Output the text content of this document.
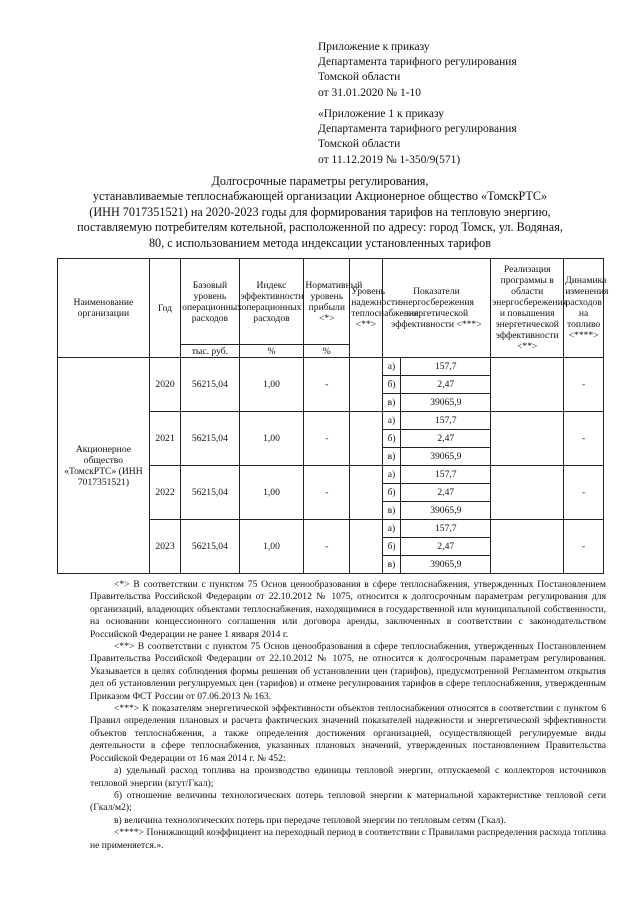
Приложение к приказу
Департамента тарифного регулирования
Томской области
от 31.01.2020 № 1-10
«Приложение 1 к приказу
Департамента тарифного регулирования
Томской области
от 11.12.2019 № 1-350/9(571)
Долгосрочные параметры регулирования,
устанавливаемые теплоснабжающей организации Акционерное общество «ТомскРТС»
(ИНН 7017351521) на 2020-2023 годы для формирования тарифов на тепловую энергию,
поставляемую потребителям котельной, расположенной по адресу: город Томск, ул. Водяная,
80, с использованием метода индексации установленных тарифов
Наименование организации	Год	Базовый уровень операционных расходов	Индекс эффективности операционных расходов	Нормативный уровень прибыли <*>	Уровень надежности теплоснабжения <**>	Показатели энергосбережения энергетической эффективности <***>		Реализация программы в области энергосбережения и повышения энергетической эффективности <**>	Динамика изменения расходов на топливо <****>
		тыс. руб.	%	%					
Акционерное общество «ТомскРТС» (ИНН 7017351521)	2020	56215,04	1,00	-		а)	157,7		-
						б)	2,47		
						в)	39065,9		
	2021	56215,04	1,00	-		а)	157,7		-
						б)	2,47		
						в)	39065,9		
	2022	56215,04	1,00	-		а)	157,7		-
						б)	2,47		
						в)	39065,9		
	2023	56215,04	1,00	-		а)	157,7		-
						б)	2,47		
						в)	39065,9		

<*> В соответствии с пунктом 75 Основ ценообразования в сфере теплоснабжения, утвержденных Постановлением Правительства Российской Федерации от 22.10.2012 № 1075, относится к долгосрочным параметрам регулирования для организаций, владеющих объектами теплоснабжения, находящимися в государственной или муниципальной собственности, на основании концессионного соглашения или договора аренды, заключенных в соответствии с законодательством Российской Федерации не ранее 1 января 2014 г.

<**> В соответствии с пунктом 75 Основ ценообразования в сфере теплоснабжения, утвержденных Постановлением Правительства Российской Федерации от 22.10.2012 № 1075, не относится к долгосрочным параметрам регулирования. Указывается в целях соблюдения формы решения об установлении цен (тарифов), предусмотренной Регламентом открытия дел об установлении регулируемых цен (тарифов) и отмене регулирования тарифов в сфере теплоснабжения, утвержденным Приказом ФСТ России от 07.06.2013 № 163.

<***> К показателям энергетической эффективности объектов теплоснабжения относятся в соответствии с пунктом 6 Правил определения плановых и расчета фактических значений показателей надежности и энергетической эффективности объектов теплоснабжения, а также определения достижения организацией, осуществляющей регулируемые виды деятельности в сфере теплоснабжения, указанных плановых значений, утвержденных постановлением Правительства Российской Федерации от 16 мая 2014 г. № 452:

а) удельный расход топлива на производство единицы тепловой энергии, отпускаемой с коллекторов источников тепловой энергии (кгут/Гкал);

б) отношение величины технологических потерь тепловой энергии к материальной характеристике тепловой сети (Гкал/м2);

в) величина технологических потерь при передаче тепловой энергии по тепловым сетям (Гкал).

<****> Понижающий коэффициент на переходный период в соответствии с Правилами распределения расхода топлива не применяется.».
